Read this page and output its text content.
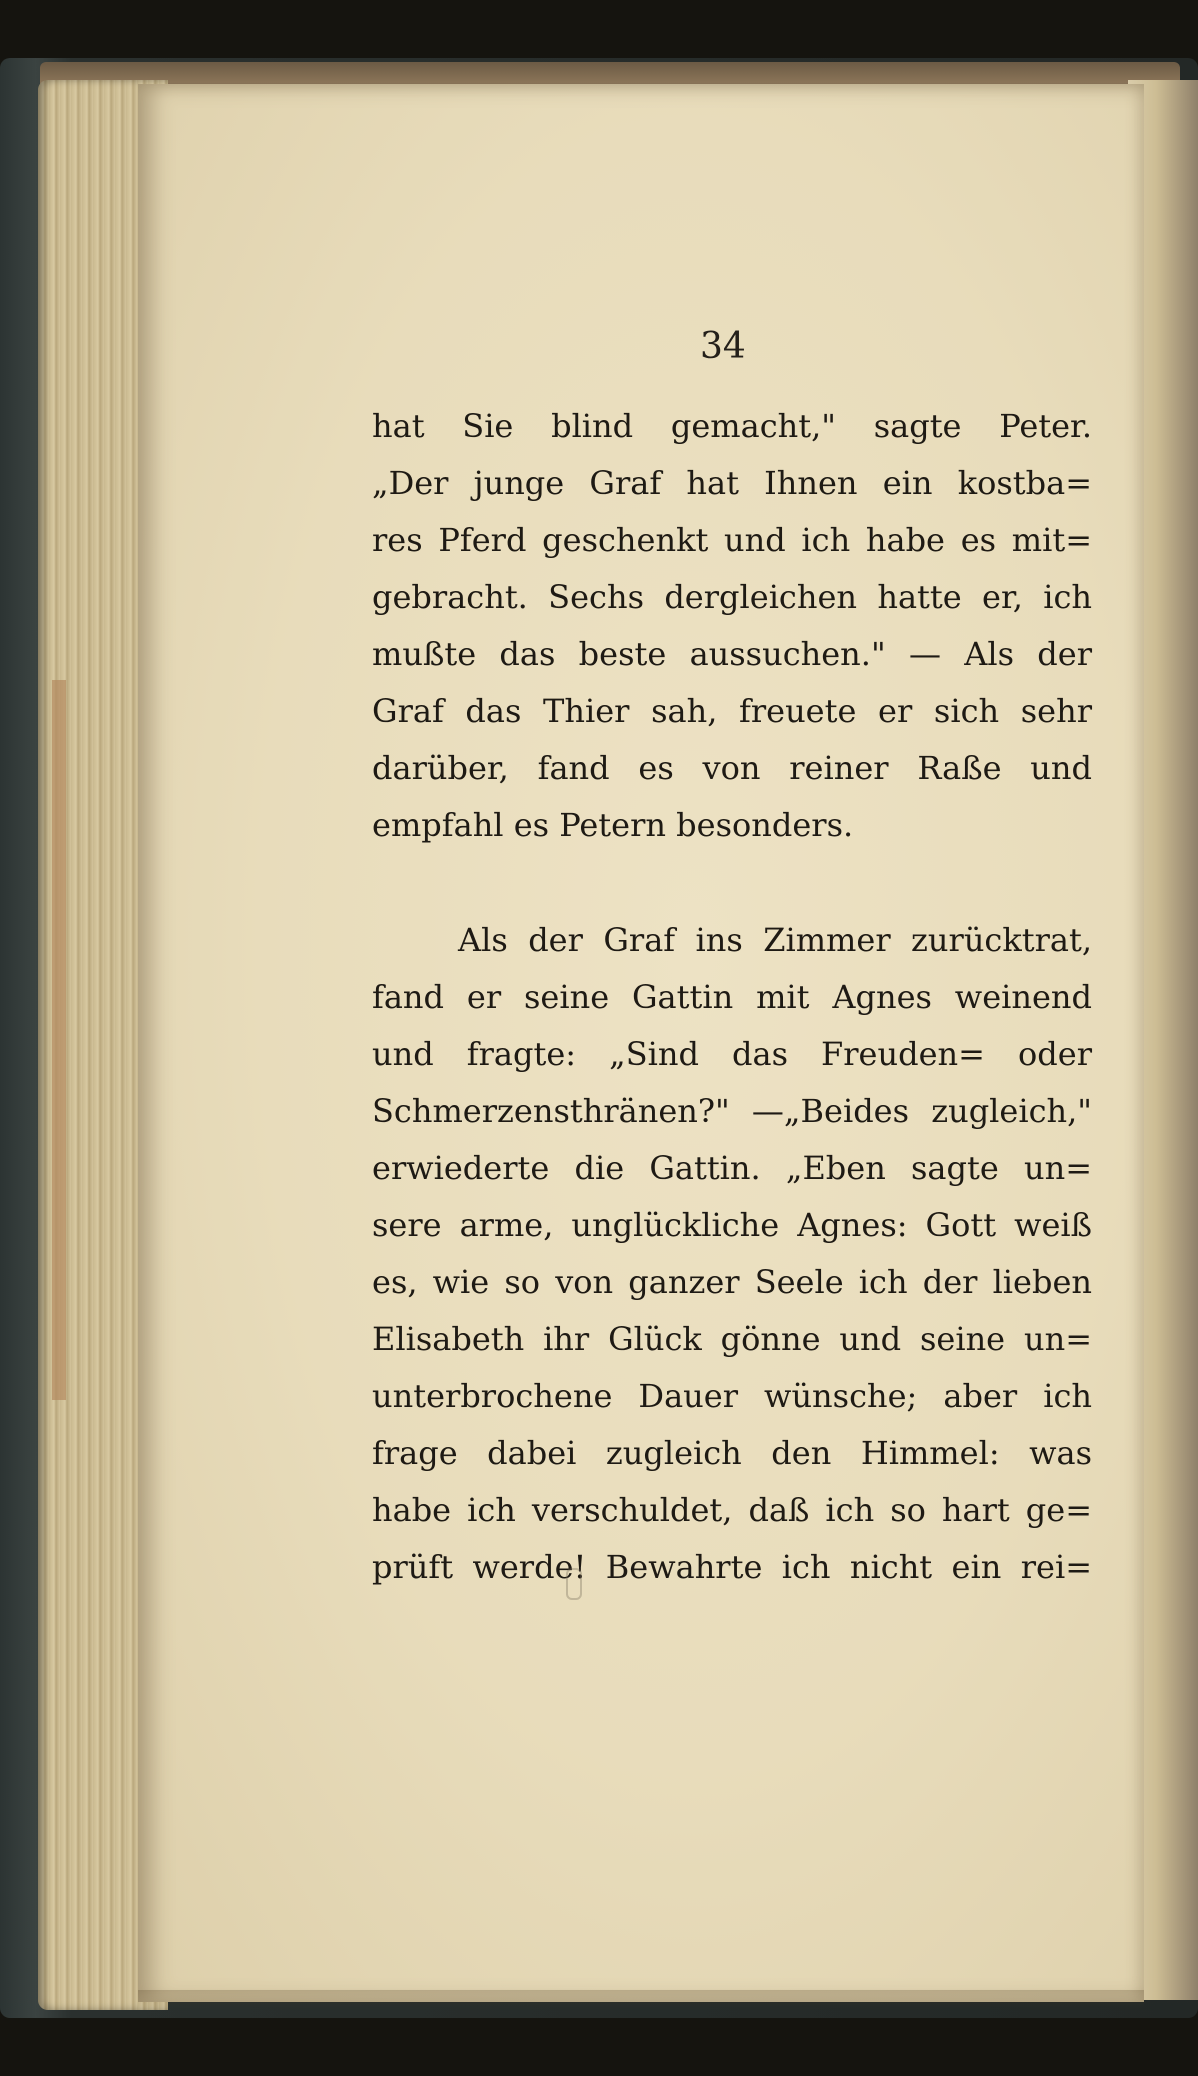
34
hat Sie blind gemacht," sagte Peter.
„Der junge Graf hat Ihnen ein kostba=
res Pferd geschenkt und ich habe es mit=
gebracht. Sechs dergleichen hatte er, ich
mußte das beste aussuchen." — Als der
Graf das Thier sah, freuete er sich sehr
darüber, fand es von reiner Raße und
empfahl es Petern besonders.
Als der Graf ins Zimmer zurücktrat,
fand er seine Gattin mit Agnes weinend
und fragte: „Sind das Freuden= oder
Schmerzensthränen?" —„Beides zugleich,"
erwiederte die Gattin. „Eben sagte un=
sere arme, unglückliche Agnes: Gott weiß
es, wie so von ganzer Seele ich der lieben
Elisabeth ihr Glück gönne und seine un=
unterbrochene Dauer wünsche; aber ich
frage dabei zugleich den Himmel: was
habe ich verschuldet, daß ich so hart ge=
prüft werde! Bewahrte ich nicht ein rei=
